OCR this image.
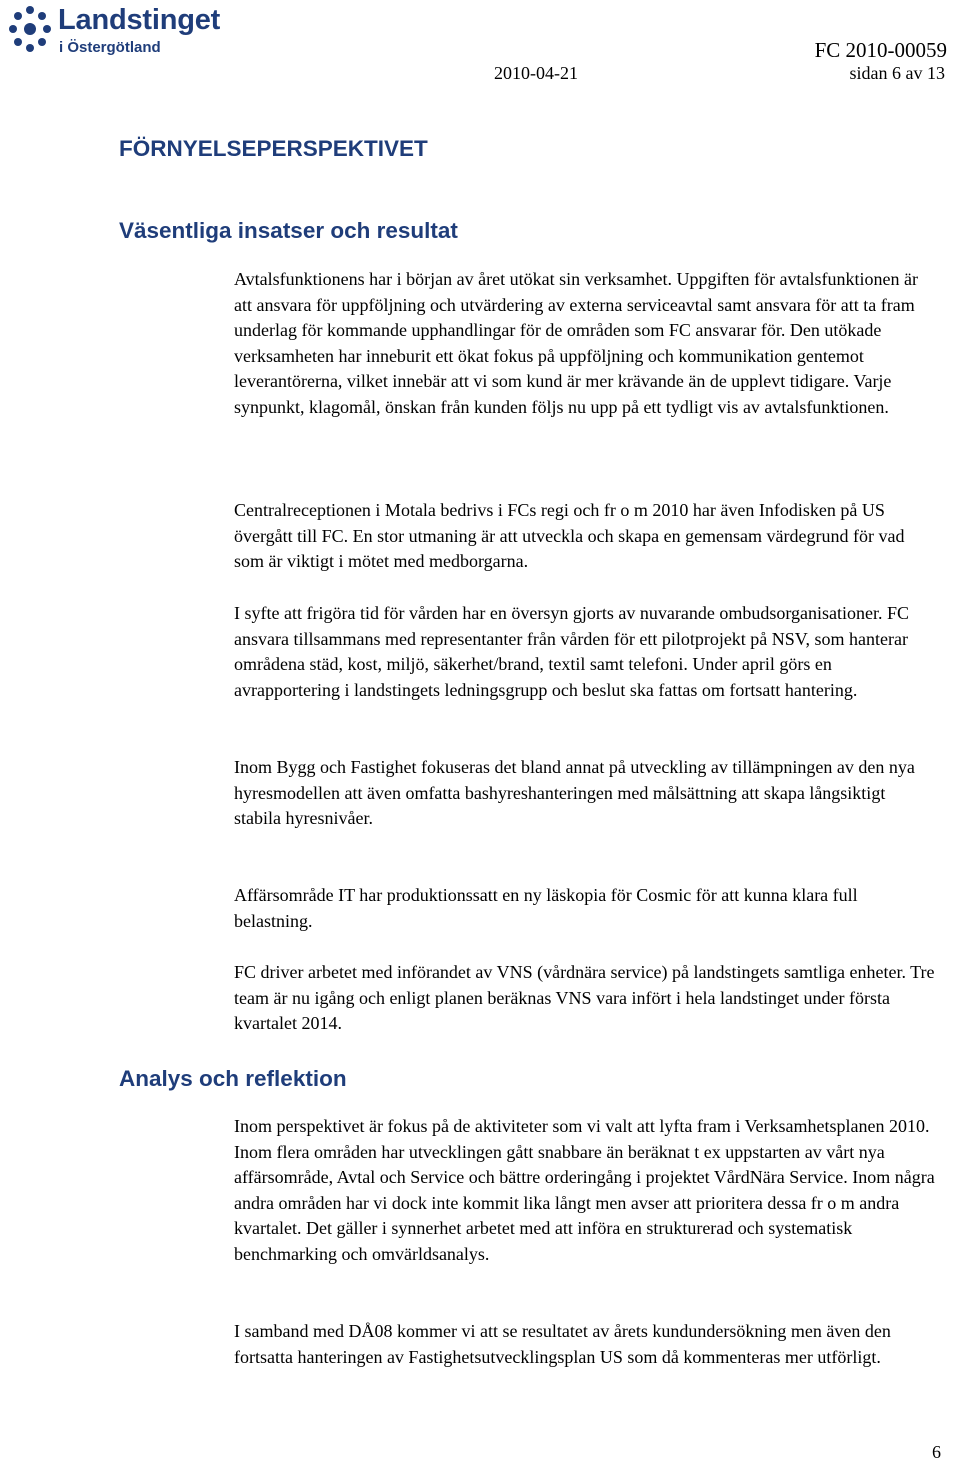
Landstinget
i Östergötland	FC 2010-00059
2010-04-21	sidan 6 av 13
FÖRNYELSEPERSPEKTIVET
Väsentliga insatser och resultat

Avtalsfunktionens har i början av året utökat sin verksamhet. Uppgiften för avtalsfunktionen är att ansvara för uppföljning och utvärdering av externa serviceavtal samt ansvara för att ta fram underlag för kommande upphandlingar för de områden som FC ansvarar för. Den utökade verksamheten har inneburit ett ökat fokus på uppföljning och kommunikation gentemot leverantörerna, vilket innebär att vi som kund är mer krävande än de upplevt tidigare. Varje synpunkt, klagomål, önskan från kunden följs nu upp på ett tydligt vis av avtalsfunktionen.

Centralreceptionen i Motala bedrivs i FCs regi och fr o m 2010 har även Infodisken på US övergått till FC. En stor utmaning är att utveckla och skapa en gemensam värdegrund för vad som är viktigt i mötet med medborgarna.

I syfte att frigöra tid för vården har en översyn gjorts av nuvarande ombudsorganisationer. FC ansvara tillsammans med representanter från vården för ett pilotprojekt på NSV, som hanterar områdena städ, kost, miljö, säkerhet/brand, textil samt telefoni. Under april görs en avrapportering i landstingets ledningsgrupp och beslut ska fattas om fortsatt hantering.

Inom Bygg och Fastighet fokuseras det bland annat på utveckling av tillämpningen av den nya hyresmodellen att även omfatta bashyreshanteringen med målsättning att skapa långsiktigt stabila hyresnivåer.

Affärsområde IT har produktionssatt en ny läskopia för Cosmic för att kunna klara full belastning.

FC driver arbetet med införandet av VNS (vårdnära service) på landstingets samtliga enheter. Tre team är nu igång och enligt planen beräknas VNS vara infört i hela landstinget under första kvartalet 2014.

Analys och reflektion

Inom perspektivet är fokus på de aktiviteter som vi valt att lyfta fram i Verksamhetsplanen 2010. Inom flera områden har utvecklingen gått snabbare än beräknat t ex uppstarten av vårt nya affärsområde, Avtal och Service och bättre orderingång i projektet VårdNära Service. Inom några andra områden har vi dock inte kommit lika långt men avser att prioritera dessa fr o m andra kvartalet. Det gäller i synnerhet arbetet med att införa en strukturerad och systematisk benchmarking och omvärldsanalys.

I samband med DÅ08 kommer vi att se resultatet av årets kundundersökning men även den fortsatta hanteringen av Fastighetsutvecklingsplan US som då kommenteras mer utförligt.

6
